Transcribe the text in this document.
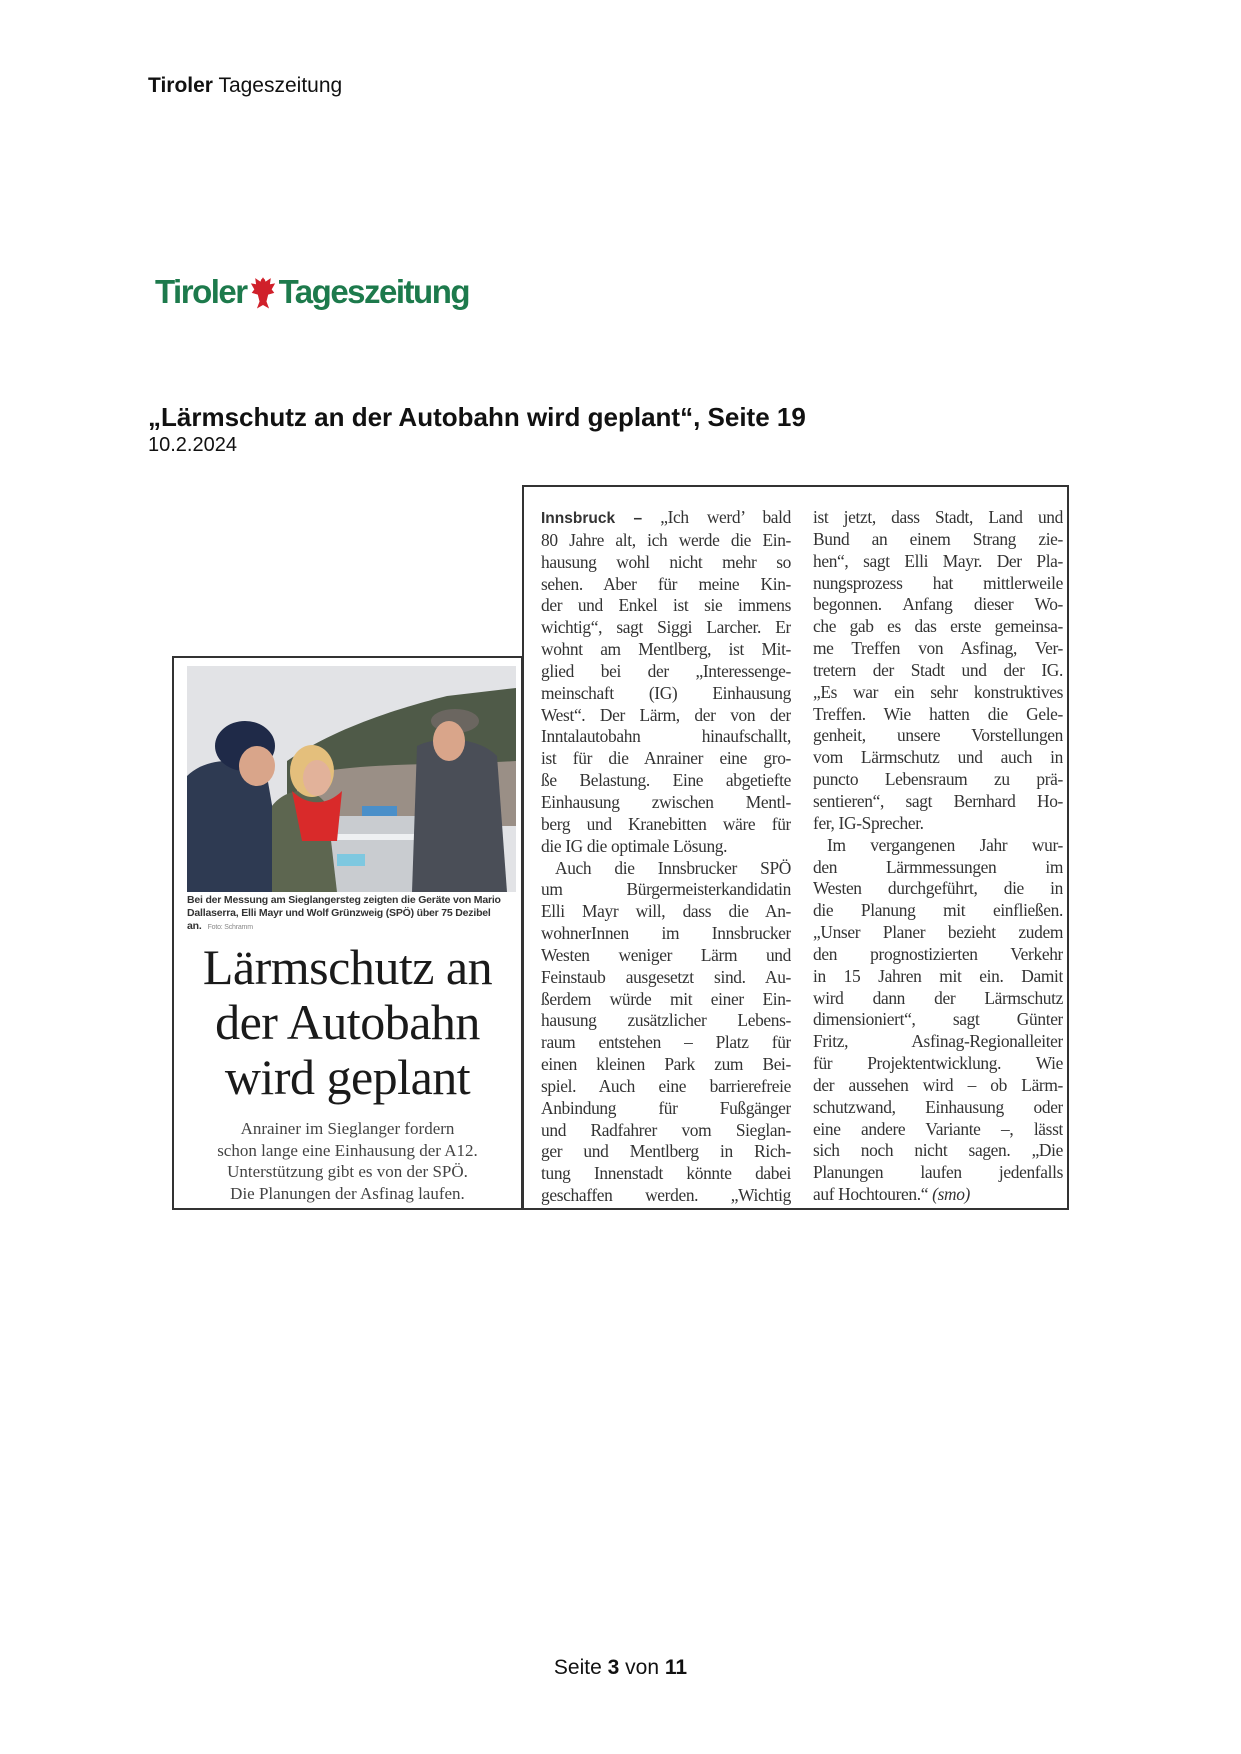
Tiroler Tageszeitung
Tiroler Tageszeitung
„Lärmschutz an der Autobahn wird geplant“, Seite 19
10.2.2024
Bei der Messung am Sieglangersteg zeigten die Geräte von Mario Dallaserra, Elli Mayr und Wolf Grünzweig (SPÖ) über 75 Dezibel an. Foto: Schramm
Lärmschutz an
der Autobahn
wird geplant
Anrainer im Sieglanger fordern
schon lange eine Einhausung der A12.
Unterstützung gibt es von der SPÖ.
Die Planungen der Asfinag laufen.
Innsbruck – „Ich werd’ bald
80 Jahre alt, ich werde die Ein-
hausung wohl nicht mehr so
sehen. Aber für meine Kin-
der und Enkel ist sie immens
wichtig“, sagt Siggi Larcher. Er
wohnt am Mentlberg, ist Mit-
glied bei der „Interessenge-
meinschaft (IG) Einhausung
West“. Der Lärm, der von der
Inntalautobahn hinaufschallt,
ist für die Anrainer eine gro-
ße Belastung. Eine abgetiefte
Einhausung zwischen Mentl-
berg und Kranebitten wäre für
die IG die optimale Lösung.
Auch die Innsbrucker SPÖ
um Bürgermeisterkandidatin
Elli Mayr will, dass die An-
wohnerInnen im Innsbrucker
Westen weniger Lärm und
Feinstaub ausgesetzt sind. Au-
ßerdem würde mit einer Ein-
hausung zusätzlicher Lebens-
raum entstehen – Platz für
einen kleinen Park zum Bei-
spiel. Auch eine barrierefreie
Anbindung für Fußgänger
und Radfahrer vom Sieglan-
ger und Mentlberg in Rich-
tung Innenstadt könnte dabei
geschaffen werden. „Wichtig
ist jetzt, dass Stadt, Land und
Bund an einem Strang zie-
hen“, sagt Elli Mayr. Der Pla-
nungsprozess hat mittlerweile
begonnen. Anfang dieser Wo-
che gab es das erste gemeinsa-
me Treffen von Asfinag, Ver-
tretern der Stadt und der IG.
„Es war ein sehr konstruktives
Treffen. Wie hatten die Gele-
genheit, unsere Vorstellungen
vom Lärmschutz und auch in
puncto Lebensraum zu prä-
sentieren“, sagt Bernhard Ho-
fer, IG-Sprecher.
Im vergangenen Jahr wur-
den Lärmmessungen im
Westen durchgeführt, die in
die Planung mit einfließen.
„Unser Planer bezieht zudem
den prognostizierten Verkehr
in 15 Jahren mit ein. Damit
wird dann der Lärmschutz
dimensioniert“, sagt Günter
Fritz, Asfinag-Regionalleiter
für Projektentwicklung. Wie
der aussehen wird – ob Lärm-
schutzwand, Einhausung oder
eine andere Variante –, lässt
sich noch nicht sagen. „Die
Planungen laufen jedenfalls
auf Hochtouren.“ (smo)
Seite 3 von 11
